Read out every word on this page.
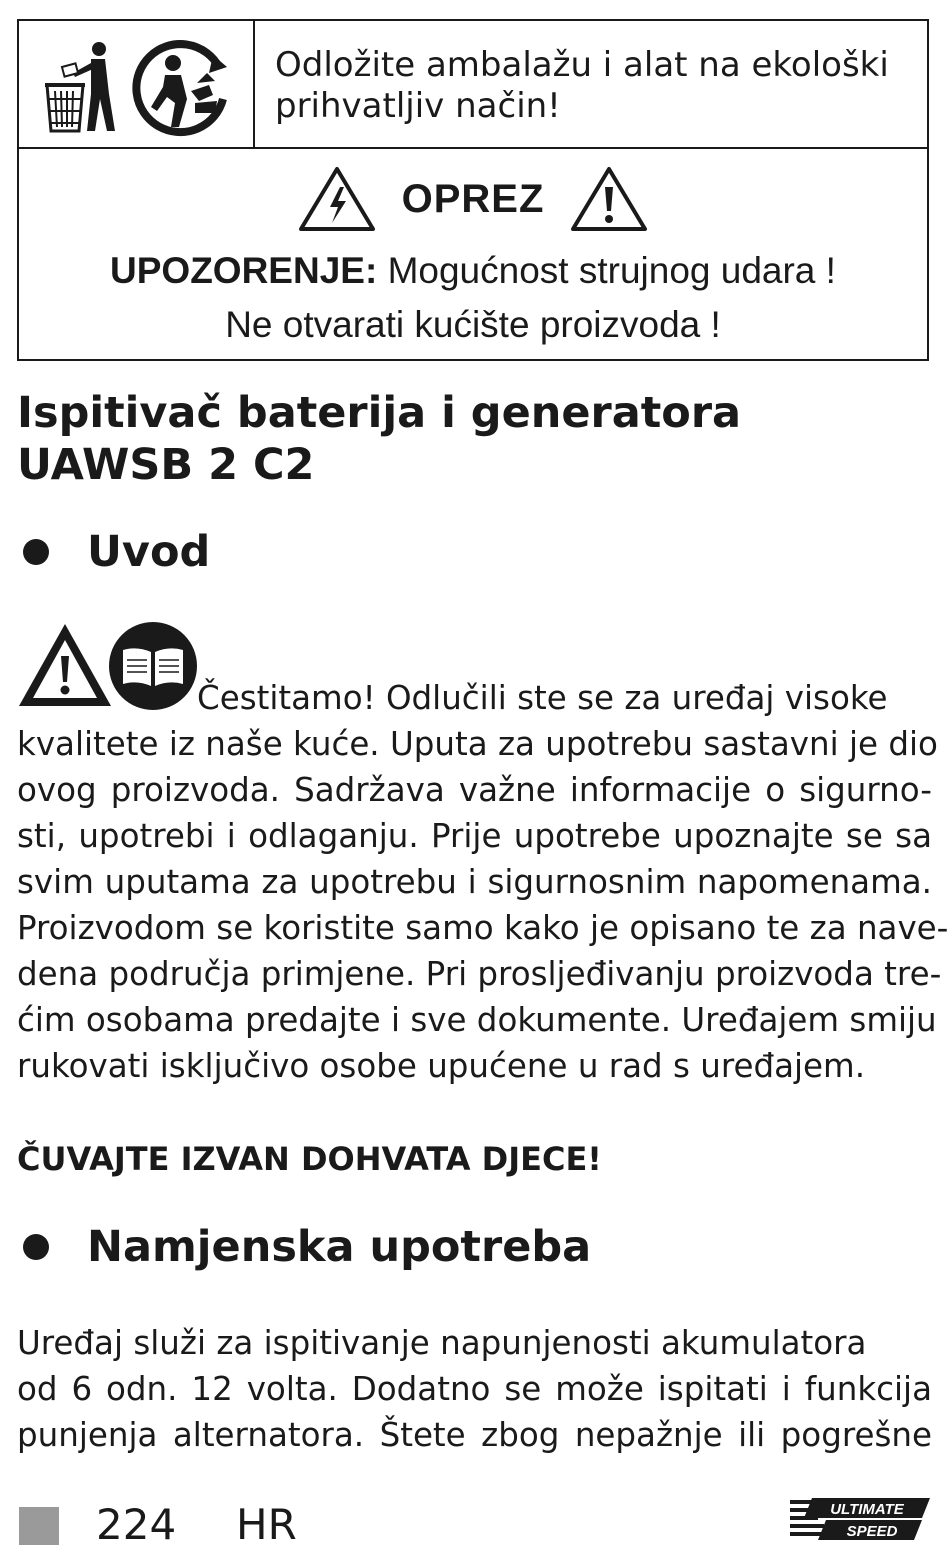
Odložite ambalažu i alat na ekološki
prihvatljiv način!
OPREZ
UPOZORENJE: Mogućnost strujnog udara !
Ne otvarati kućište proizvoda !
Ispitivač baterija i generatora
UAWSB 2 C2
Uvod
Čestitamo! Odlučili ste se za uređaj visoke
kvalitete iz naše kuće. Uputa za upotrebu sastavni je dio
ovog proizvoda. Sadržava važne informacije o sigurno-
sti, upotrebi i odlaganju. Prije upotrebe upoznajte se sa
svim uputama za upotrebu i sigurnosnim napomenama.
Proizvodom se koristite samo kako je opisano te za nave-
dena područja primjene. Pri prosljeđivanju proizvoda tre-
ćim osobama predajte i sve dokumente. Uređajem smiju
rukovati isključivo osobe upućene u rad s uređajem.
ČUVAJTE IZVAN DOHVATA DJECE!
Namjenska upotreba
Uređaj služi za ispitivanje napunjenosti akumulatora
od 6 odn. 12 volta. Dodatno se može ispitati i funkcija
punjenja alternatora. Štete zbog nepažnje ili pogrešne
224 HR	ULTIMATE
SPEED
